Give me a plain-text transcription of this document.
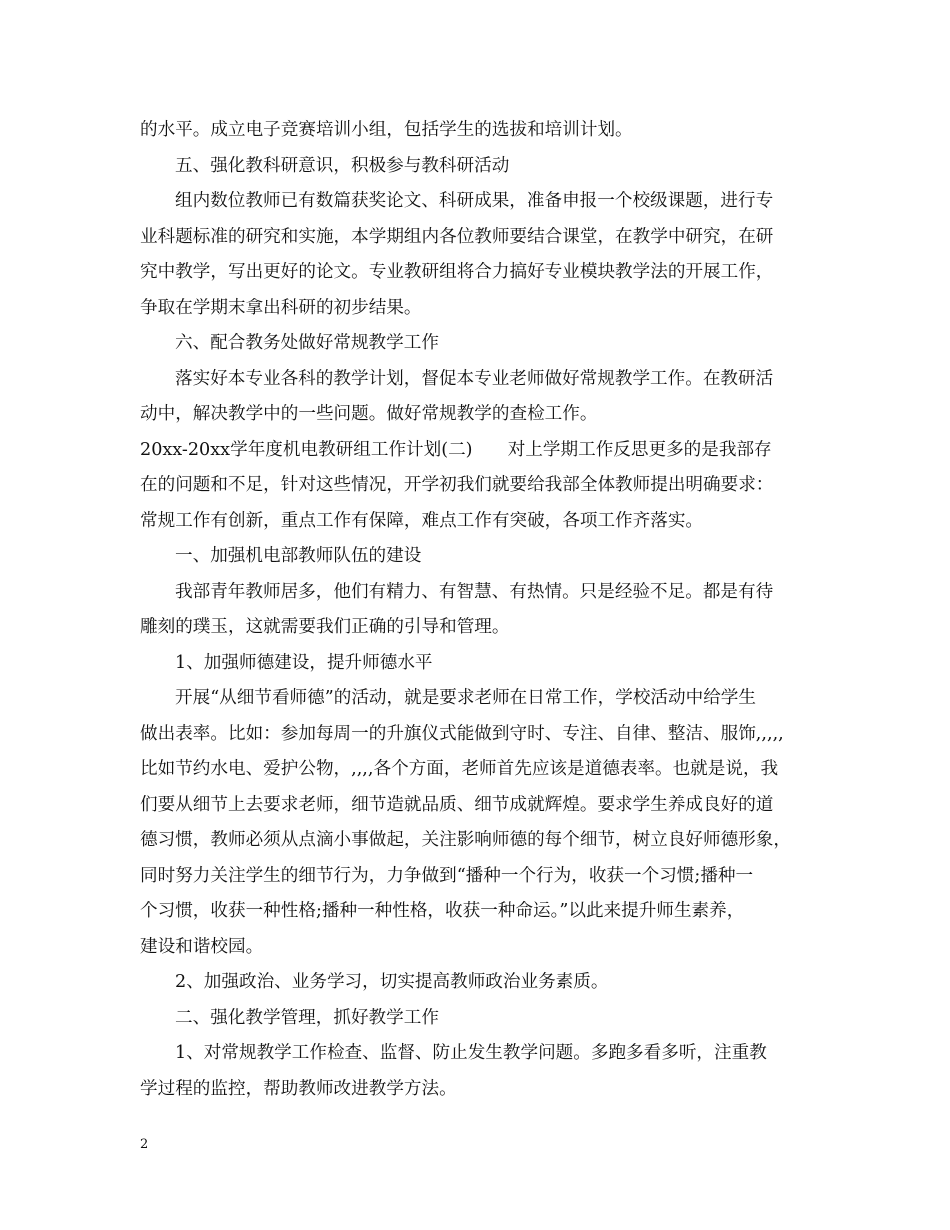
的水平。成立电子竞赛培训小组，包括学生的选拔和培训计划。
五、强化教科研意识，积极参与教科研活动
组内数位教师已有数篇获奖论文、科研成果，准备申报一个校级课题，进行专
业科题标准的研究和实施，本学期组内各位教师要结合课堂，在教学中研究，在研
究中教学，写出更好的论文。专业教研组将合力搞好专业模块教学法的开展工作，
争取在学期末拿出科研的初步结果。
六、配合教务处做好常规教学工作
落实好本专业各科的教学计划，督促本专业老师做好常规教学工作。在教研活
动中，解决教学中的一些问题。做好常规教学的查检工作。
20xx-20xx学年度机电教研组工作计划(二)　　对上学期工作反思更多的是我部存
在的问题和不足，针对这些情况，开学初我们就要给我部全体教师提出明确要求：
常规工作有创新，重点工作有保障，难点工作有突破，各项工作齐落实。
一、加强机电部教师队伍的建设
我部青年教师居多，他们有精力、有智慧、有热情。只是经验不足。都是有待
雕刻的璞玉，这就需要我们正确的引导和管理。
1、加强师德建设，提升师德水平
开展“从细节看师德”的活动，就是要求老师在日常工作，学校活动中给学生
做出表率。比如：参加每周一的升旗仪式能做到守时、专注、自律、整洁、服饰,,,,,
比如节约水电、爱护公物，,,,,各个方面，老师首先应该是道德表率。也就是说，我
们要从细节上去要求老师，细节造就品质、细节成就辉煌。要求学生养成良好的道
德习惯，教师必须从点滴小事做起，关注影响师德的每个细节，树立良好师德形象，
同时努力关注学生的细节行为，力争做到“播种一个行为，收获一个习惯;播种一
个习惯，收获一种性格;播种一种性格，收获一种命运。”以此来提升师生素养，
建设和谐校园。
2、加强政治、业务学习，切实提高教师政治业务素质。
二、强化教学管理，抓好教学工作
1、对常规教学工作检查、监督、防止发生教学问题。多跑多看多听，注重教
学过程的监控，帮助教师改进教学方法。
2
